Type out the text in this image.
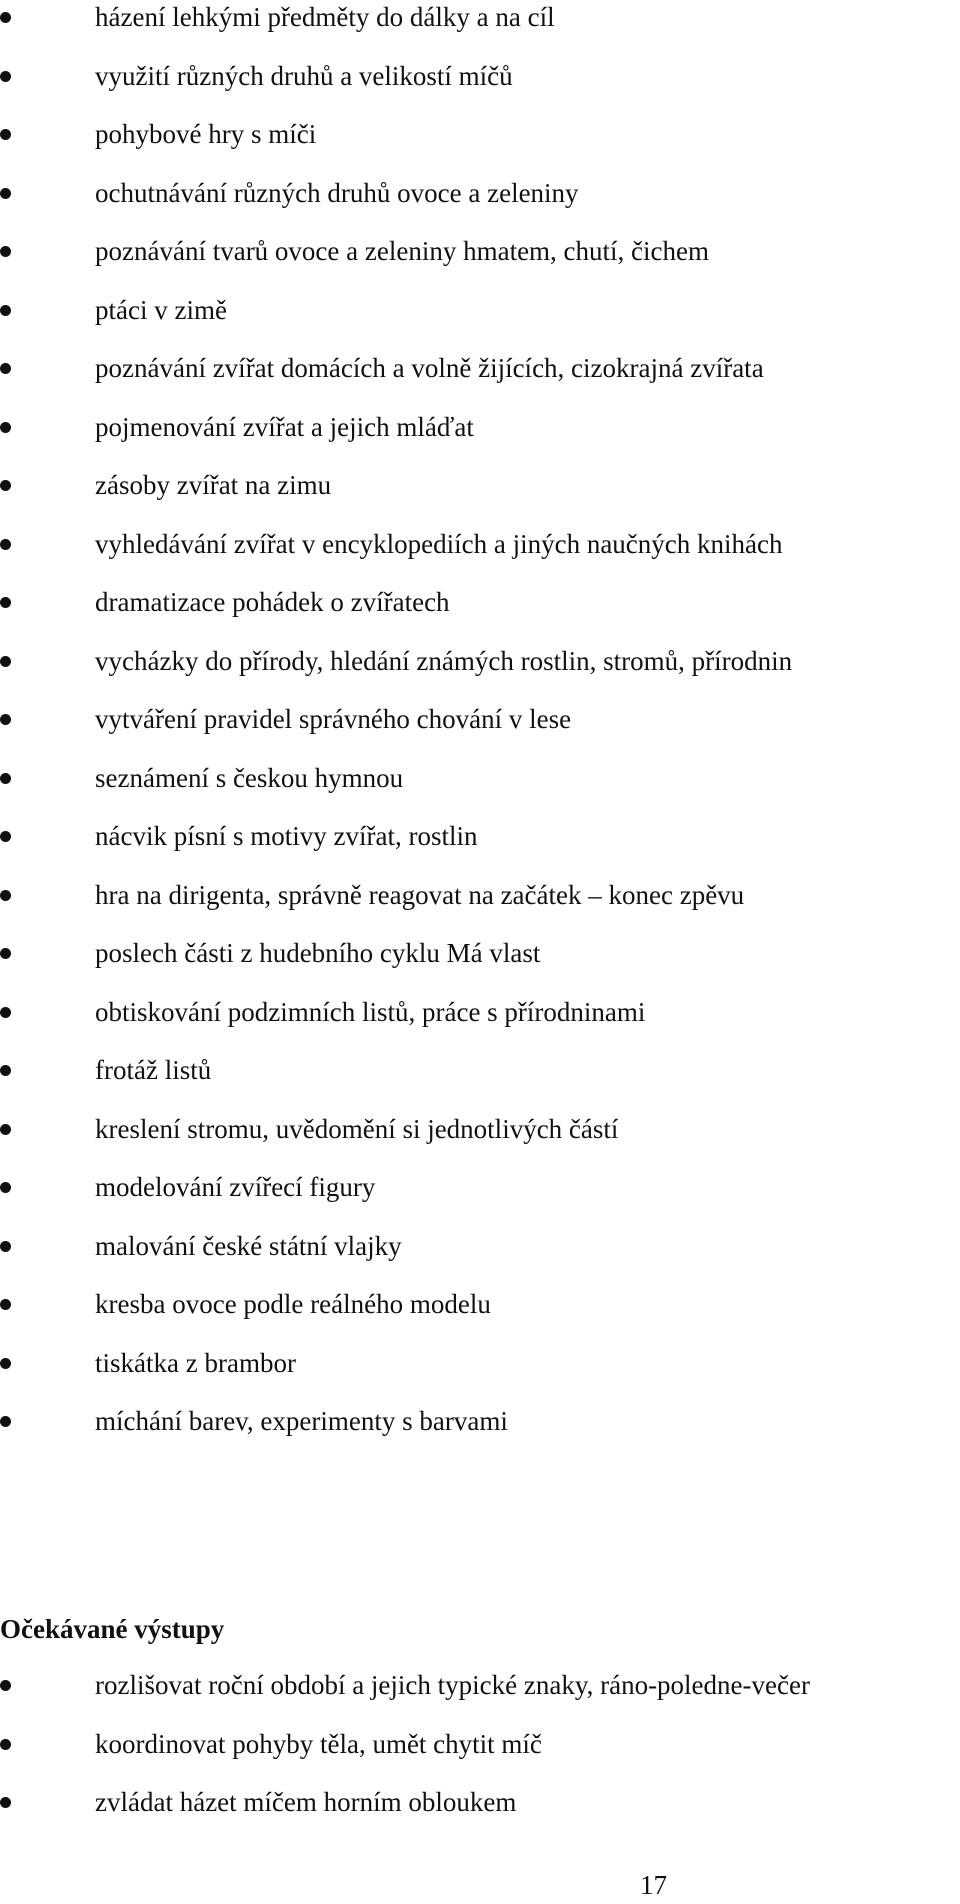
házení lehkými předměty do dálky a na cíl
využití různých druhů a velikostí míčů
pohybové hry s míči
ochutnávání různých druhů ovoce a zeleniny
poznávání tvarů ovoce a zeleniny hmatem, chutí, čichem
ptáci v zimě
poznávání zvířat domácích a volně žijících, cizokrajná zvířata
pojmenování zvířat a jejich mláďat
zásoby zvířat na zimu
vyhledávání zvířat v encyklopediích a jiných naučných knihách
dramatizace pohádek o zvířatech
vycházky do přírody, hledání známých rostlin, stromů, přírodnin
vytváření pravidel správného chování v lese
seznámení s českou hymnou
nácvik písní s motivy zvířat, rostlin
hra na dirigenta, správně reagovat na začátek – konec zpěvu
poslech části z hudebního cyklu Má vlast
obtiskování podzimních listů, práce s přírodninami
frotáž listů
kreslení stromu, uvědomění si jednotlivých částí
modelování zvířecí figury
malování české státní vlajky
kresba ovoce podle reálného modelu
tiskátka z brambor
míchání barev, experimenty s barvami
Očekávané výstupy
rozlišovat roční období a jejich typické znaky, ráno-poledne-večer
koordinovat pohyby těla, umět chytit míč
zvládat házet míčem horním obloukem
17
